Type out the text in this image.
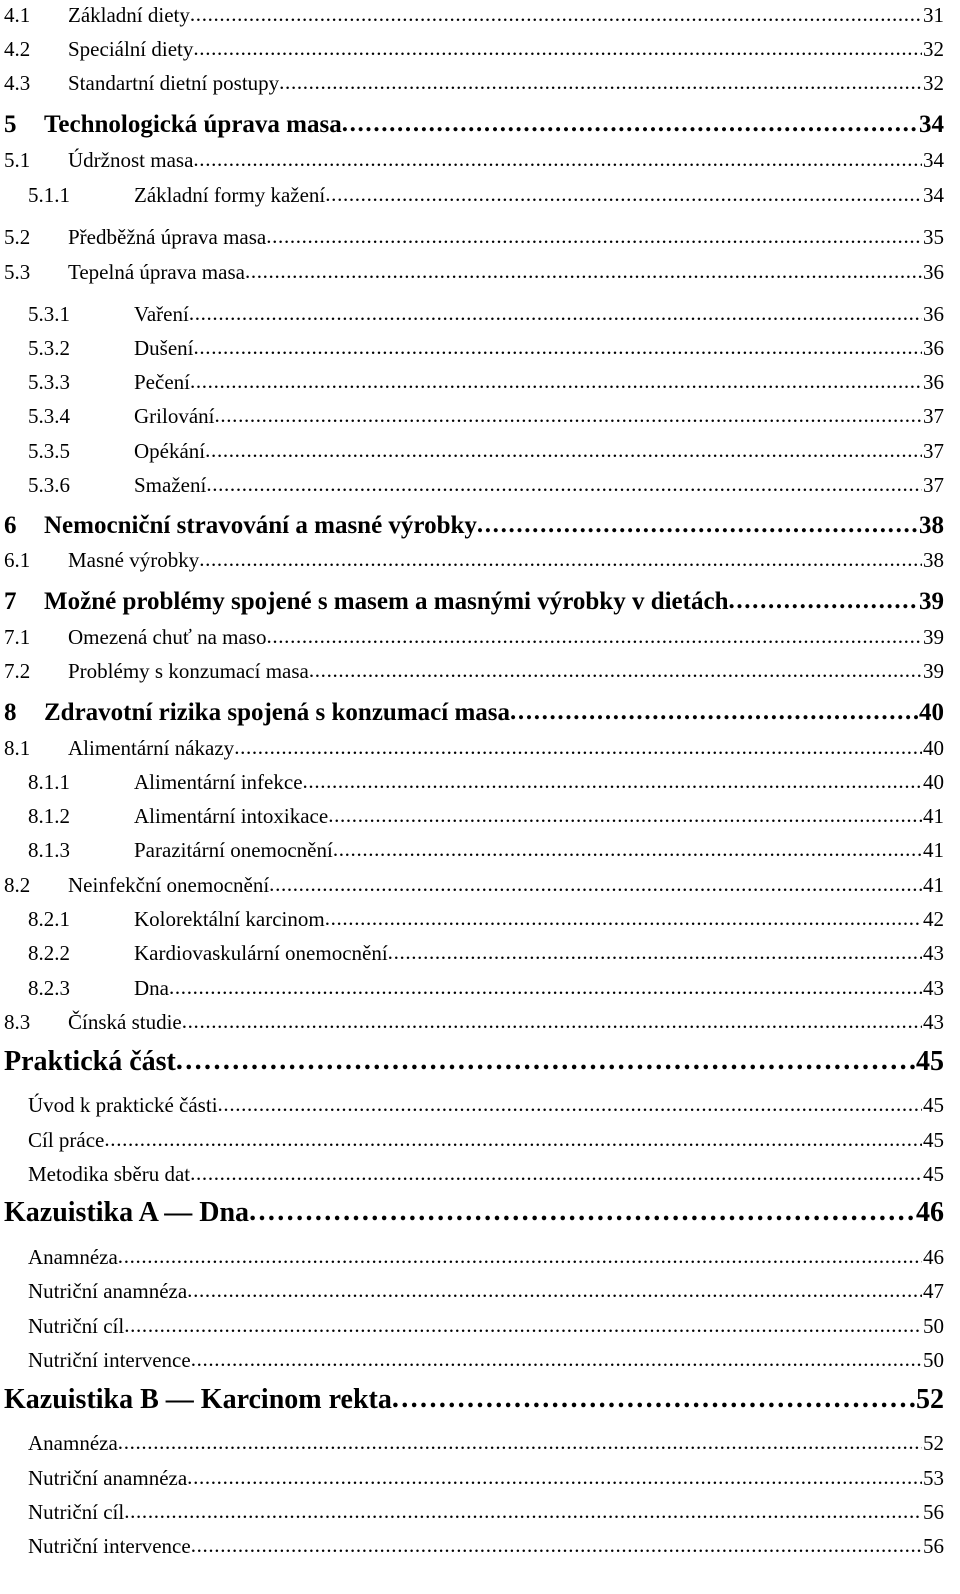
4.1	Základní diety . . .	31
4.2	Speciální diety . . .	32
4.3	Standartní dietní postupy . . .	32
5	Technologická úprava masa . . .	34
5.1	Údržnost masa . . .	34
5.1.1	Základní formy kažení . . .	34
5.2	Předběžná úprava masa . . .	35
5.3	Tepelná úprava masa . . .	36
5.3.1	Vaření . . .	36
5.3.2	Dušení . . .	36
5.3.3	Pečení . . .	36
5.3.4	Grilování . . .	37
5.3.5	Opékání . . .	37
5.3.6	Smažení . . .	37
6	Nemocniční stravování a masné výrobky . . .	38
6.1	Masné výrobky . . .	38
7	Možné problémy spojené s masem a masnými výrobky v dietách . . .	39
7.1	Omezená chuť na maso . . .	39
7.2	Problémy s konzumací masa . . .	39
8	Zdravotní rizika spojená s konzumací masa . . .	40
8.1	Alimentární nákazy . . .	40
8.1.1	Alimentární infekce . . .	40
8.1.2	Alimentární intoxikace . . .	41
8.1.3	Parazitární onemocnění . . .	41
8.2	Neinfekční onemocnění . . .	41
8.2.1	Kolorektální karcinom . . .	42
8.2.2	Kardiovaskulární onemocnění . . .	43
8.2.3	Dna . . .	43
8.3	Čínská studie . . .	43
Praktická část . . .	45
Úvod k praktické části . . .	45
Cíl práce . . .	45
Metodika sběru dat . . .	45
Kazuistika A — Dna . . .	46
Anamnéza . . .	46
Nutriční anamnéza . . .	47
Nutriční cíl . . .	50
Nutriční intervence . . .	50
Kazuistika B — Karcinom rekta . . .	52
Anamnéza . . .	52
Nutriční anamnéza . . .	53
Nutriční cíl . . .	56
Nutriční intervence . . .	56
